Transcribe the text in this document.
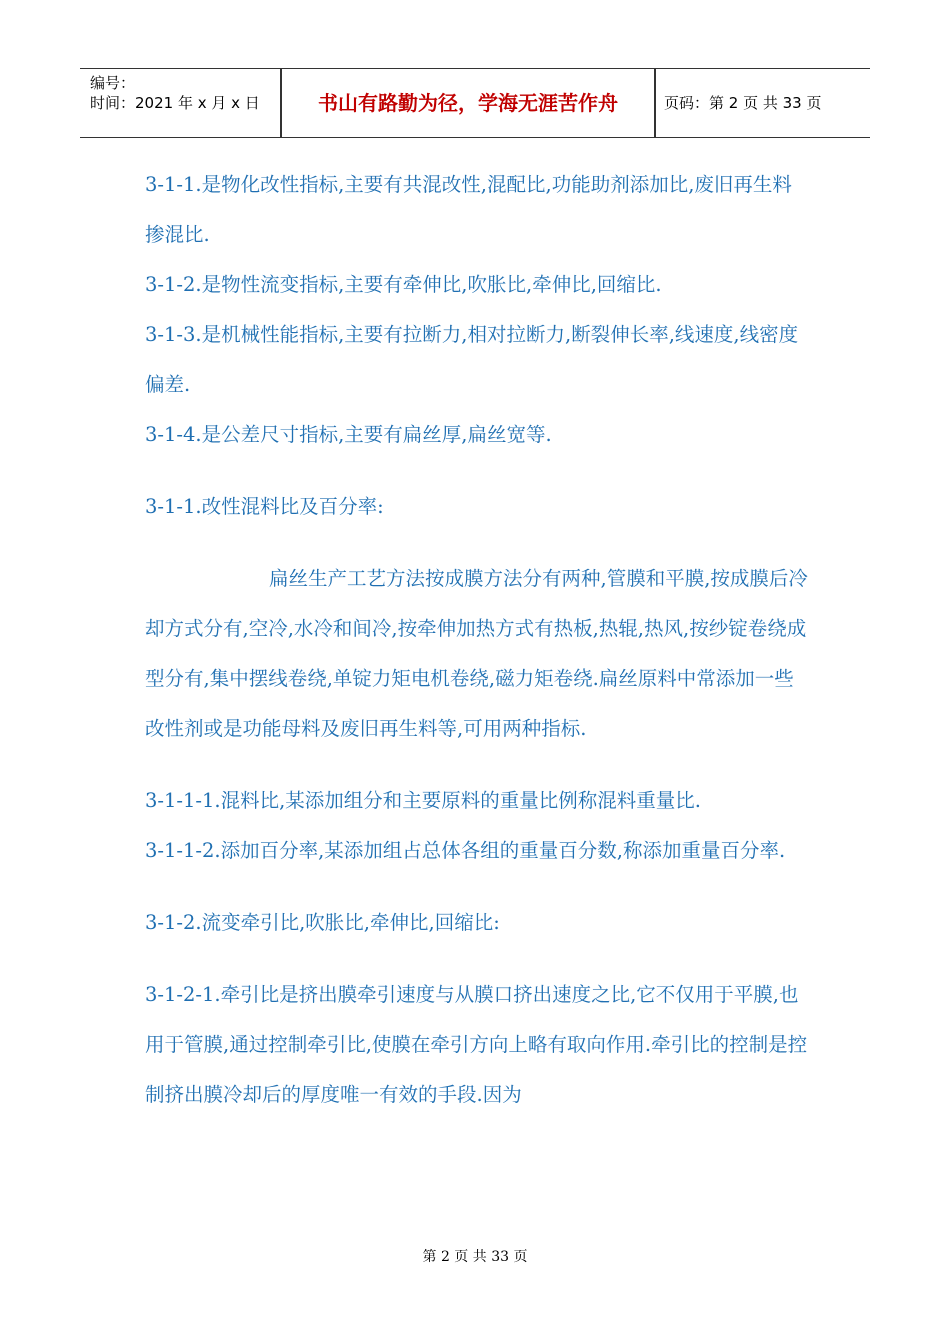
编号：
时间：2021 年 x 月 x 日	书山有路勤为径，学海无涯苦作舟	页码：第 2 页 共 33 页

3-1-1.是物化改性指标,主要有共混改性,混配比,功能助剂添加比,废旧再生料掺混比.

3-1-2.是物性流变指标,主要有牵伸比,吹胀比,牵伸比,回缩比.

3-1-3.是机械性能指标,主要有拉断力,相对拉断力,断裂伸长率,线速度,线密度偏差.

3-1-4.是公差尺寸指标,主要有扁丝厚,扁丝宽等.

3-1-1.改性混料比及百分率:

扁丝生产工艺方法按成膜方法分有两种,管膜和平膜,按成膜后冷却方式分有,空冷,水冷和间冷,按牵伸加热方式有热板,热辊,热风,按纱锭卷绕成型分有,集中摆线卷绕,单锭力矩电机卷绕,磁力矩卷绕.扁丝原料中常添加一些改性剂或是功能母料及废旧再生料等,可用两种指标.

3-1-1-1.混料比,某添加组分和主要原料的重量比例称混料重量比.

3-1-1-2.添加百分率,某添加组占总体各组的重量百分数,称添加重量百分率.

3-1-2.流变牵引比,吹胀比,牵伸比,回缩比:

3-1-2-1.牵引比是挤出膜牵引速度与从膜口挤出速度之比,它不仅用于平膜,也用于管膜,通过控制牵引比,使膜在牵引方向上略有取向作用.牵引比的控制是控制挤出膜冷却后的厚度唯一有效的手段.因为

第 2 页 共 33 页
